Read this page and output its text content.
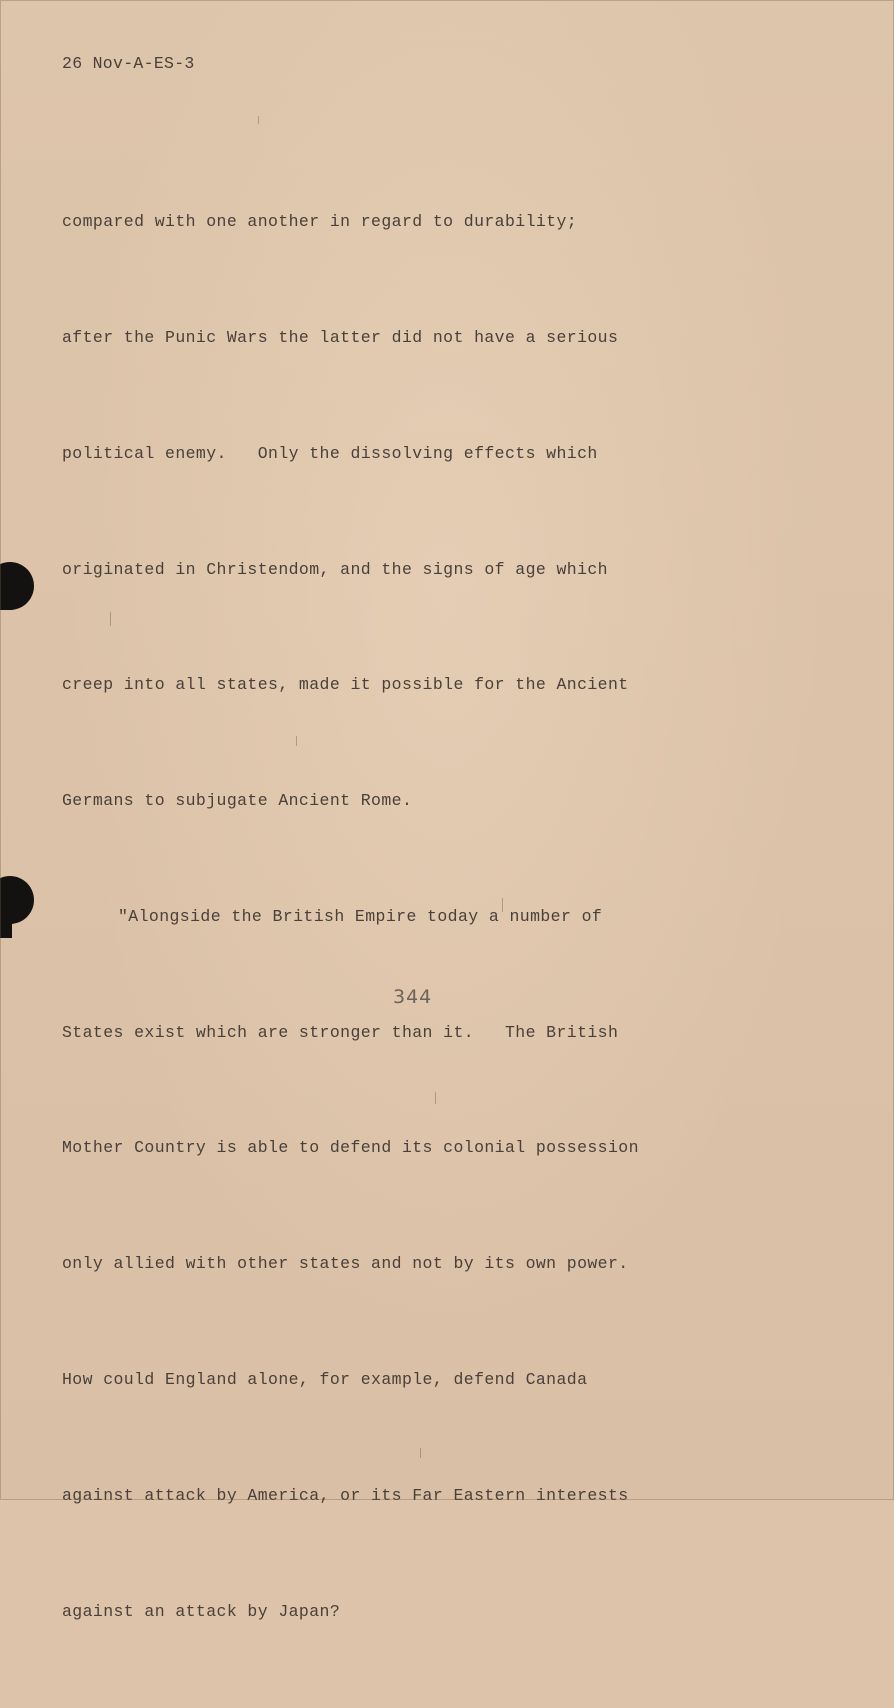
26 Nov-A-ES-3

compared with one another in regard to durability;

after the Punic Wars the latter did not have a serious

political enemy.   Only the dissolving effects which

originated in Christendom, and the signs of age which

creep into all states, made it possible for the Ancient

Germans to subjugate Ancient Rome.

"Alongside the British Empire today a number of

States exist which are stronger than it.   The British

Mother Country is able to defend its colonial possession

only allied with other states and not by its own power.

How could England alone, for example, defend Canada

against attack by America, or its Far Eastern interests

against an attack by Japan?

344
